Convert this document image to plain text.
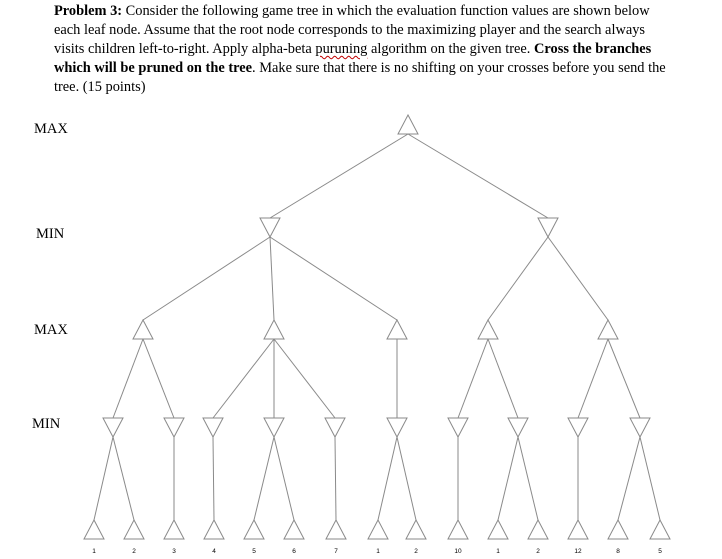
Problem 3: Consider the following game tree in which the evaluation function values are shown below each leaf node. Assume that the root node corresponds to the maximizing player and the search always visits children left-to-right. Apply alpha-beta puruning algorithm on the given tree. Cross the branches which will be pruned on the tree. Make sure that there is no shifting on your crosses before you send the tree. (15 points)

MAX
MIN
MAX
MIN
1	2	3	4	5	6	7	1	2	10	1	2	12	8	5
